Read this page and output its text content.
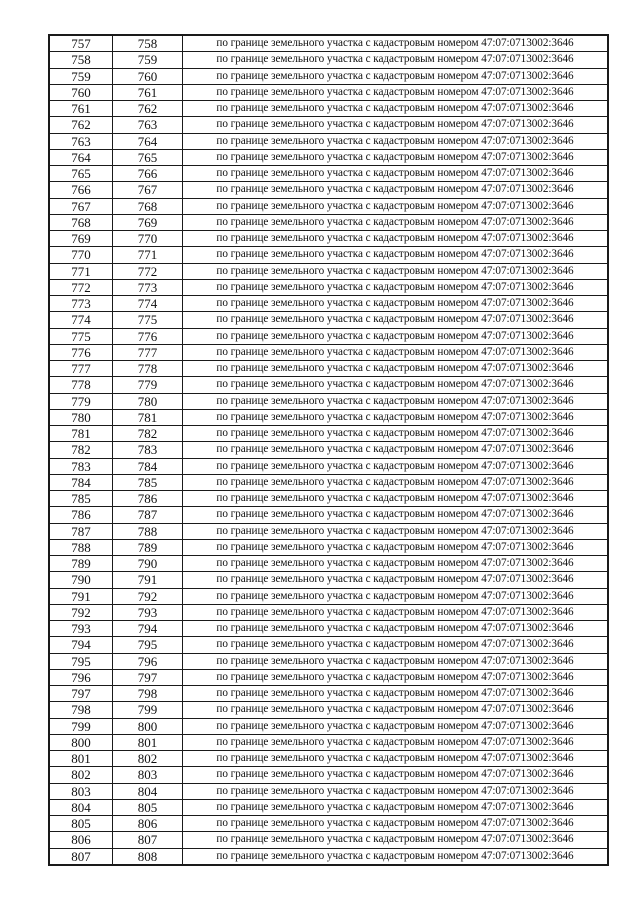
757	758	по границе земельного участка с кадастровым номером 47:07:0713002:3646
758	759	по границе земельного участка с кадастровым номером 47:07:0713002:3646
759	760	по границе земельного участка с кадастровым номером 47:07:0713002:3646
760	761	по границе земельного участка с кадастровым номером 47:07:0713002:3646
761	762	по границе земельного участка с кадастровым номером 47:07:0713002:3646
762	763	по границе земельного участка с кадастровым номером 47:07:0713002:3646
763	764	по границе земельного участка с кадастровым номером 47:07:0713002:3646
764	765	по границе земельного участка с кадастровым номером 47:07:0713002:3646
765	766	по границе земельного участка с кадастровым номером 47:07:0713002:3646
766	767	по границе земельного участка с кадастровым номером 47:07:0713002:3646
767	768	по границе земельного участка с кадастровым номером 47:07:0713002:3646
768	769	по границе земельного участка с кадастровым номером 47:07:0713002:3646
769	770	по границе земельного участка с кадастровым номером 47:07:0713002:3646
770	771	по границе земельного участка с кадастровым номером 47:07:0713002:3646
771	772	по границе земельного участка с кадастровым номером 47:07:0713002:3646
772	773	по границе земельного участка с кадастровым номером 47:07:0713002:3646
773	774	по границе земельного участка с кадастровым номером 47:07:0713002:3646
774	775	по границе земельного участка с кадастровым номером 47:07:0713002:3646
775	776	по границе земельного участка с кадастровым номером 47:07:0713002:3646
776	777	по границе земельного участка с кадастровым номером 47:07:0713002:3646
777	778	по границе земельного участка с кадастровым номером 47:07:0713002:3646
778	779	по границе земельного участка с кадастровым номером 47:07:0713002:3646
779	780	по границе земельного участка с кадастровым номером 47:07:0713002:3646
780	781	по границе земельного участка с кадастровым номером 47:07:0713002:3646
781	782	по границе земельного участка с кадастровым номером 47:07:0713002:3646
782	783	по границе земельного участка с кадастровым номером 47:07:0713002:3646
783	784	по границе земельного участка с кадастровым номером 47:07:0713002:3646
784	785	по границе земельного участка с кадастровым номером 47:07:0713002:3646
785	786	по границе земельного участка с кадастровым номером 47:07:0713002:3646
786	787	по границе земельного участка с кадастровым номером 47:07:0713002:3646
787	788	по границе земельного участка с кадастровым номером 47:07:0713002:3646
788	789	по границе земельного участка с кадастровым номером 47:07:0713002:3646
789	790	по границе земельного участка с кадастровым номером 47:07:0713002:3646
790	791	по границе земельного участка с кадастровым номером 47:07:0713002:3646
791	792	по границе земельного участка с кадастровым номером 47:07:0713002:3646
792	793	по границе земельного участка с кадастровым номером 47:07:0713002:3646
793	794	по границе земельного участка с кадастровым номером 47:07:0713002:3646
794	795	по границе земельного участка с кадастровым номером 47:07:0713002:3646
795	796	по границе земельного участка с кадастровым номером 47:07:0713002:3646
796	797	по границе земельного участка с кадастровым номером 47:07:0713002:3646
797	798	по границе земельного участка с кадастровым номером 47:07:0713002:3646
798	799	по границе земельного участка с кадастровым номером 47:07:0713002:3646
799	800	по границе земельного участка с кадастровым номером 47:07:0713002:3646
800	801	по границе земельного участка с кадастровым номером 47:07:0713002:3646
801	802	по границе земельного участка с кадастровым номером 47:07:0713002:3646
802	803	по границе земельного участка с кадастровым номером 47:07:0713002:3646
803	804	по границе земельного участка с кадастровым номером 47:07:0713002:3646
804	805	по границе земельного участка с кадастровым номером 47:07:0713002:3646
805	806	по границе земельного участка с кадастровым номером 47:07:0713002:3646
806	807	по границе земельного участка с кадастровым номером 47:07:0713002:3646
807	808	по границе земельного участка с кадастровым номером 47:07:0713002:3646
